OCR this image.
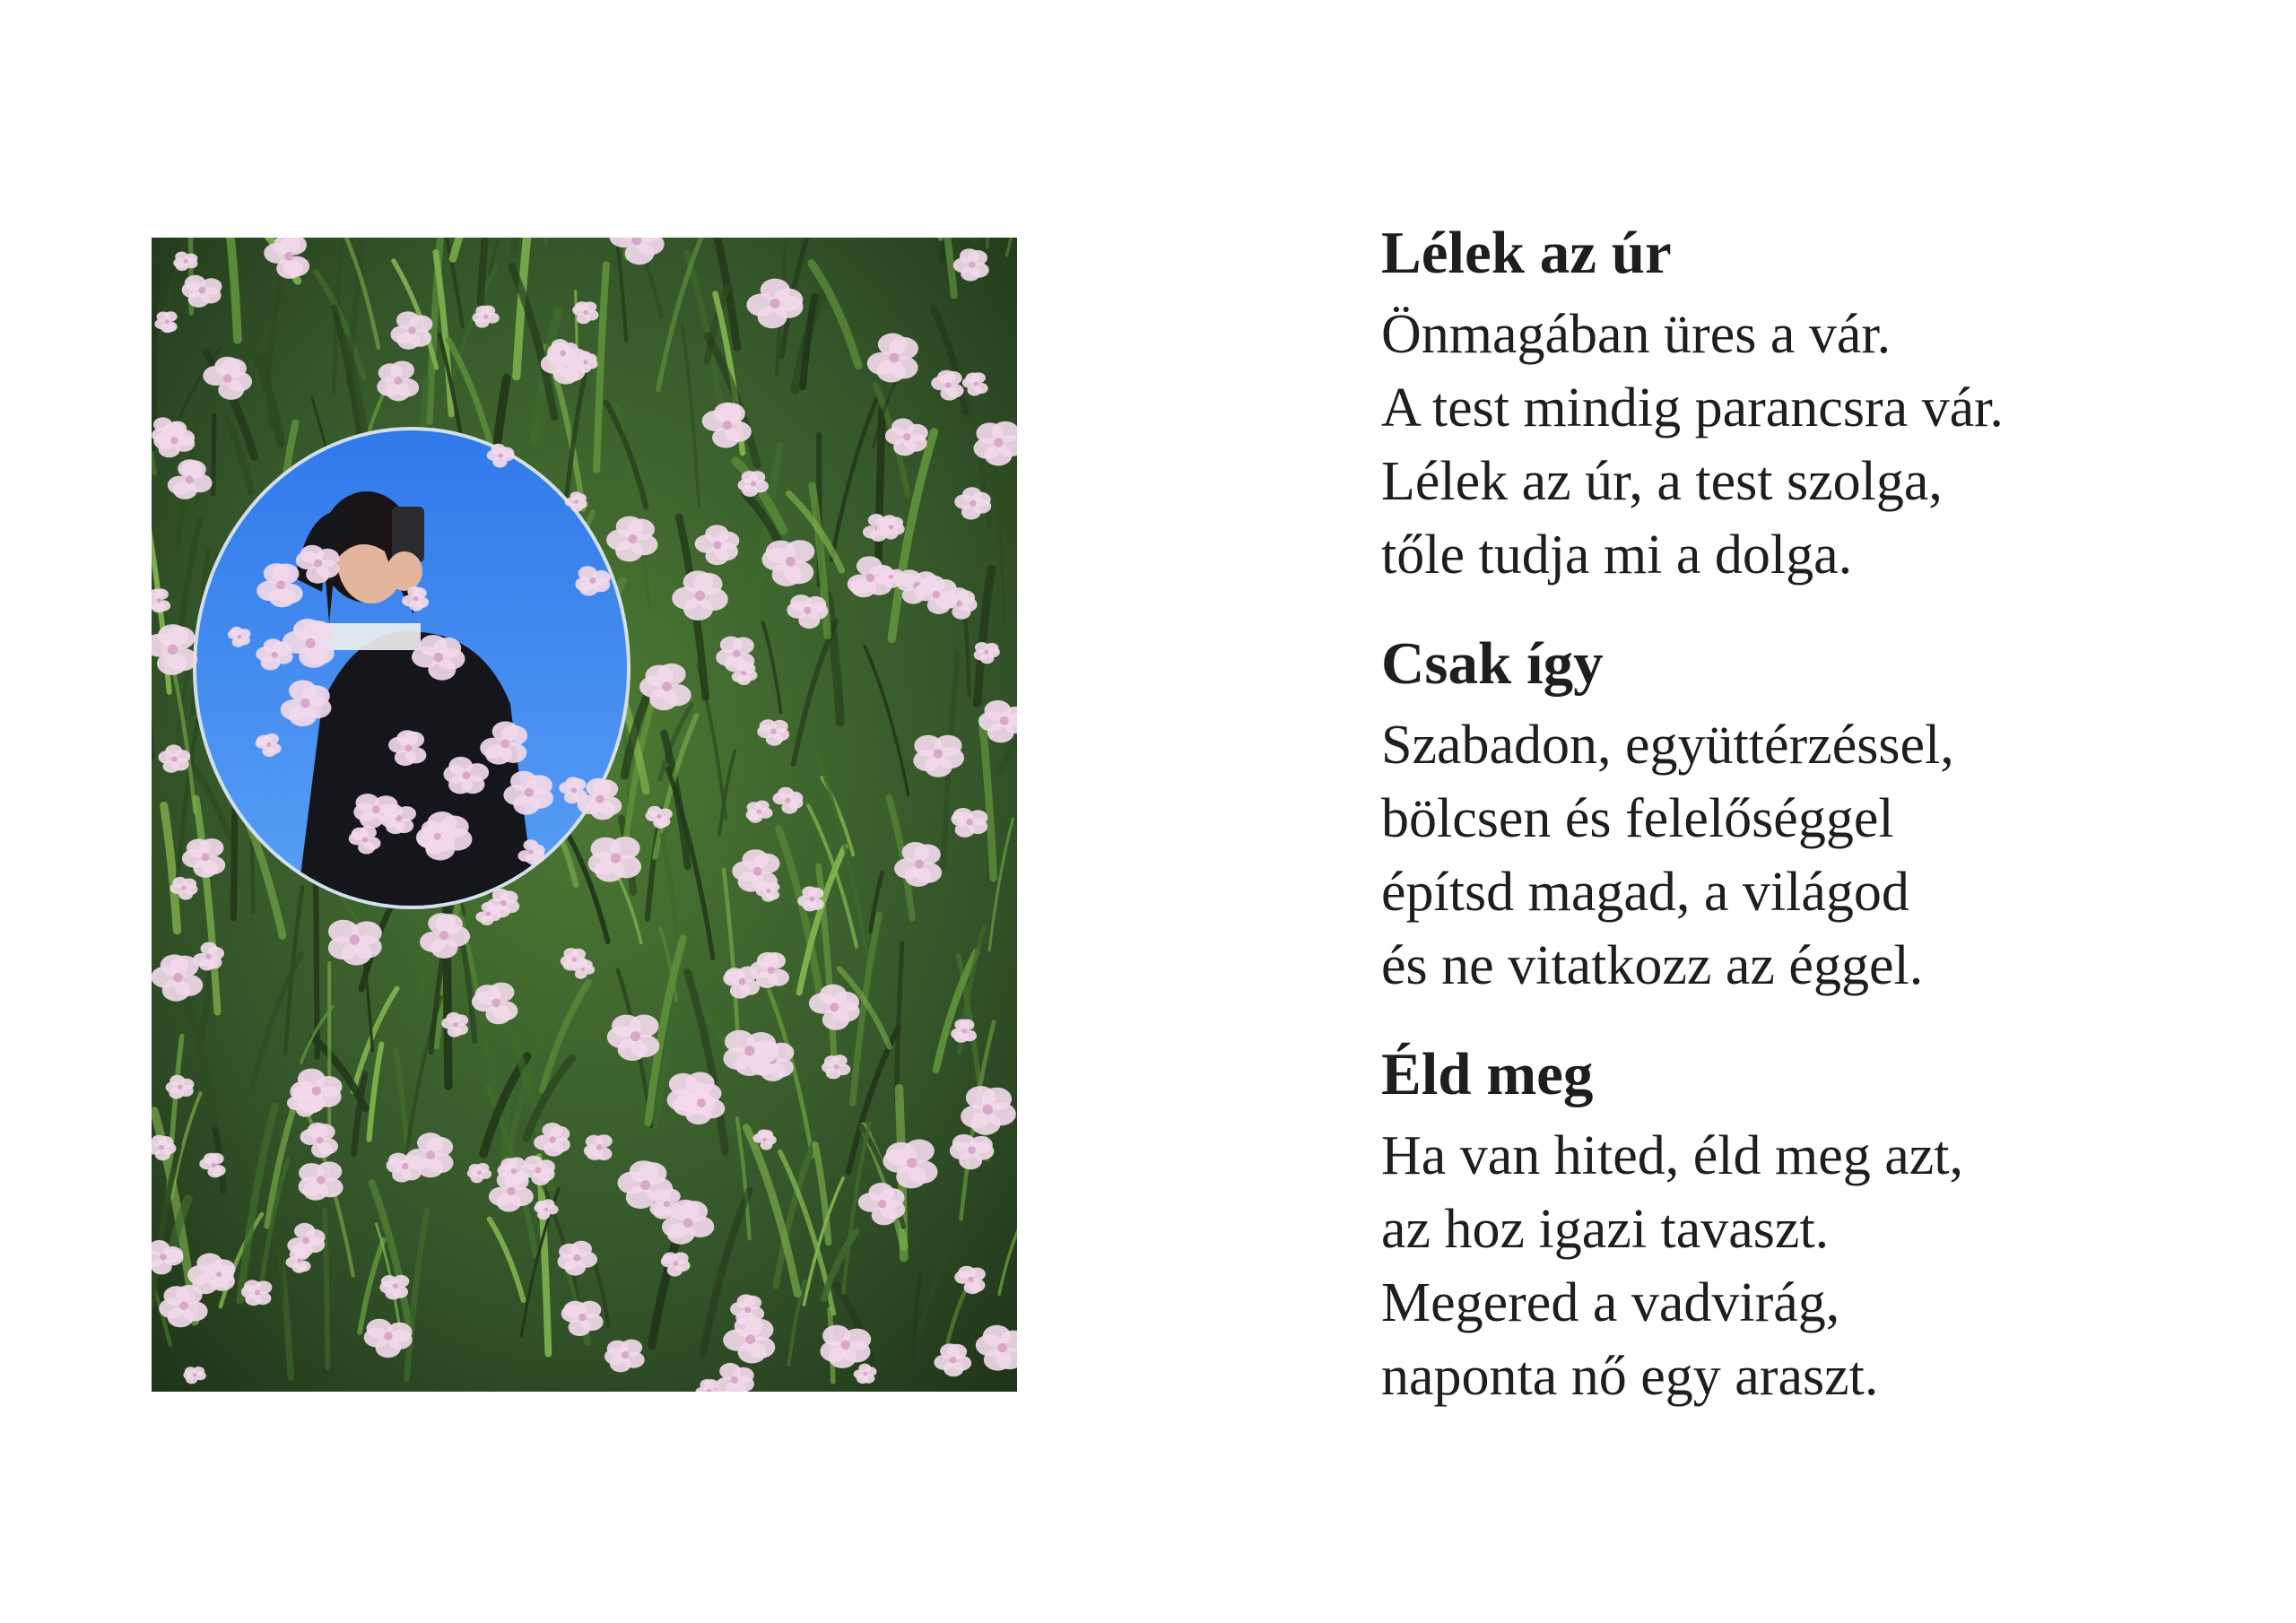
Lélek az úr
Önmagában üres a vár.
A test mindig parancsra vár.
Lélek az úr, a test szolga,
tőle tudja mi a dolga.
Csak így
Szabadon, együttérzéssel,
bölcsen és felelőséggel
építsd magad, a világod
és ne vitatkozz az éggel.
Éld meg
Ha van hited, éld meg azt,
az hoz igazi tavaszt.
Megered a vadvirág,
naponta nő egy araszt.
